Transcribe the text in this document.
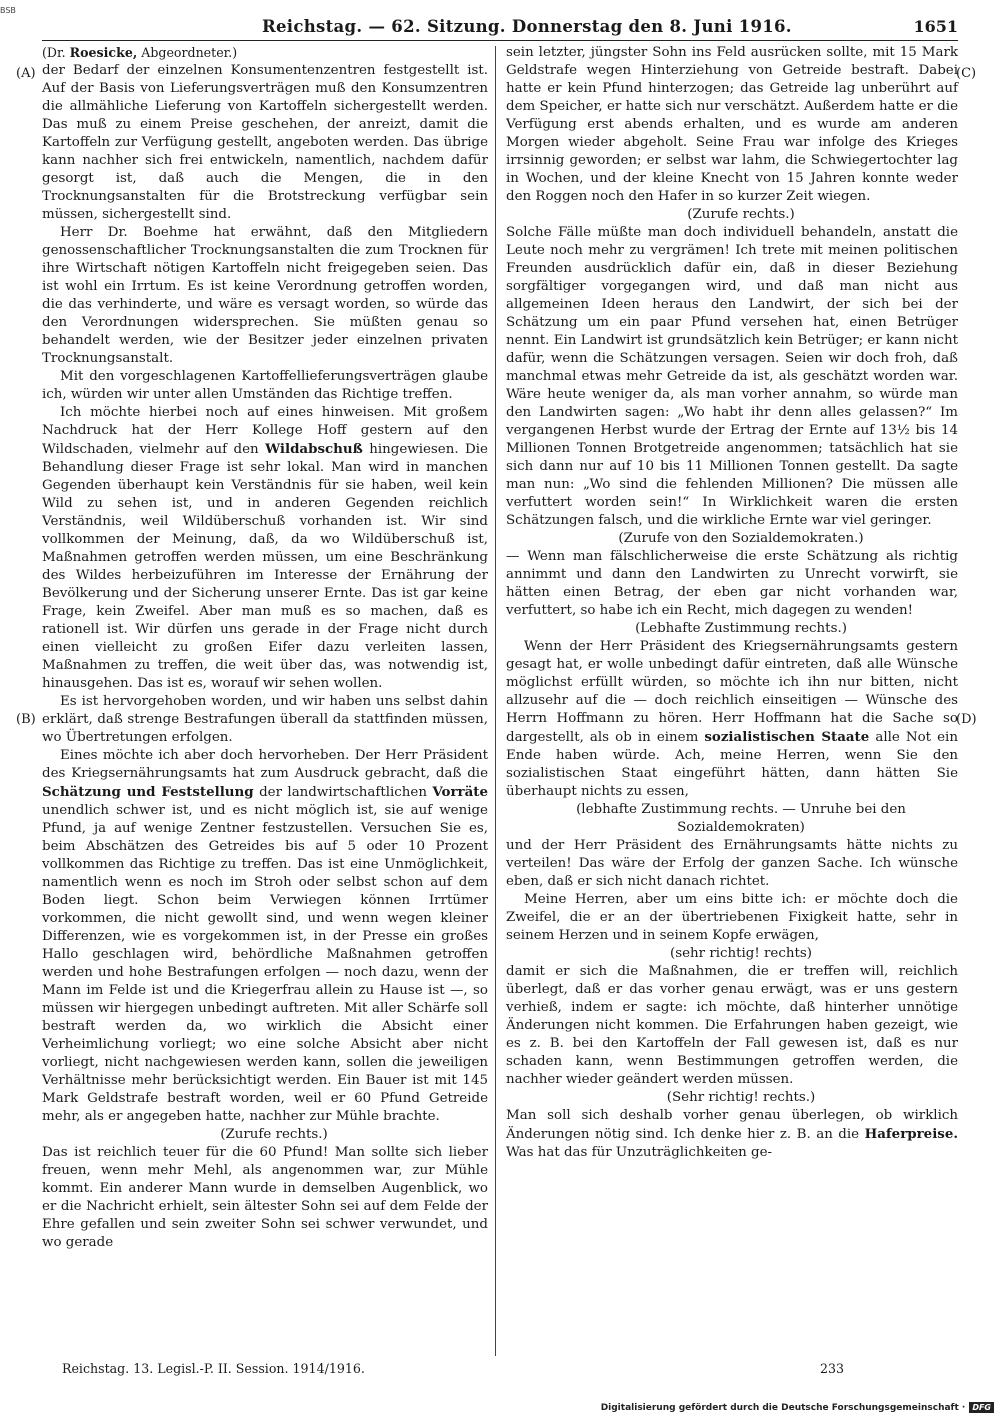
BSB
Reichstag. — 62. Sitzung. Donnerstag den 8. Juni 1916.	1651
(A)
(B)
(C)
(D)

(Dr. Roesicke, Abgeordneter.)

der Bedarf der einzelnen Konsumentenzentren festgestellt ist. Auf der Basis von Lieferungsverträgen muß den Konsumzentren die allmähliche Lieferung von Kartoffeln sichergestellt werden. Das muß zu einem Preise geschehen, der anreizt, damit die Kartoffeln zur Verfügung gestellt, angeboten werden. Das übrige kann nachher sich frei entwickeln, namentlich, nachdem dafür gesorgt ist, daß auch die Mengen, die in den Trocknungsanstalten für die Brotstreckung verfügbar sein müssen, sichergestellt sind.

Herr Dr. Boehme hat erwähnt, daß den Mitgliedern genossenschaftlicher Trocknungsanstalten die zum Trocknen für ihre Wirtschaft nötigen Kartoffeln nicht freigegeben seien. Das ist wohl ein Irrtum. Es ist keine Verordnung getroffen worden, die das verhinderte, und wäre es versagt worden, so würde das den Verordnungen widersprechen. Sie müßten genau so behandelt werden, wie der Besitzer jeder einzelnen privaten Trocknungsanstalt.

Mit den vorgeschlagenen Kartoffellieferungsverträgen glaube ich, würden wir unter allen Umständen das Richtige treffen.

Ich möchte hierbei noch auf eines hinweisen. Mit großem Nachdruck hat der Herr Kollege Hoff gestern auf den Wildschaden, vielmehr auf den Wildabschuß hingewiesen. Die Behandlung dieser Frage ist sehr lokal. Man wird in manchen Gegenden überhaupt kein Verständnis für sie haben, weil kein Wild zu sehen ist, und in anderen Gegenden reichlich Verständnis, weil Wildüberschuß vorhanden ist. Wir sind vollkommen der Meinung, daß, da wo Wildüberschuß ist, Maßnahmen getroffen werden müssen, um eine Beschränkung des Wildes herbeizuführen im Interesse der Ernährung der Bevölkerung und der Sicherung unserer Ernte. Das ist gar keine Frage, kein Zweifel. Aber man muß es so machen, daß es rationell ist. Wir dürfen uns gerade in der Frage nicht durch einen vielleicht zu großen Eifer dazu verleiten lassen, Maßnahmen zu treffen, die weit über das, was notwendig ist, hinausgehen. Das ist es, worauf wir sehen wollen.

Es ist hervorgehoben worden, und wir haben uns selbst dahin erklärt, daß strenge Bestrafungen überall da stattfinden müssen, wo Übertretungen erfolgen.

Eines möchte ich aber doch hervorheben. Der Herr Präsident des Kriegsernährungsamts hat zum Ausdruck gebracht, daß die Schätzung und Feststellung der landwirtschaftlichen Vorräte unendlich schwer ist, und es nicht möglich ist, sie auf wenige Pfund, ja auf wenige Zentner festzustellen. Versuchen Sie es, beim Abschätzen des Getreides bis auf 5 oder 10 Prozent vollkommen das Richtige zu treffen. Das ist eine Unmöglichkeit, namentlich wenn es noch im Stroh oder selbst schon auf dem Boden liegt. Schon beim Verwiegen können Irrtümer vorkommen, die nicht gewollt sind, und wenn wegen kleiner Differenzen, wie es vorgekommen ist, in der Presse ein großes Hallo geschlagen wird, behördliche Maßnahmen getroffen werden und hohe Bestrafungen erfolgen — noch dazu, wenn der Mann im Felde ist und die Kriegerfrau allein zu Hause ist —, so müssen wir hiergegen unbedingt auftreten. Mit aller Schärfe soll bestraft werden da, wo wirklich die Absicht einer Verheimlichung vorliegt; wo eine solche Absicht aber nicht vorliegt, nicht nachgewiesen werden kann, sollen die jeweiligen Verhältnisse mehr berücksichtigt werden. Ein Bauer ist mit 145 Mark Geldstrafe bestraft worden, weil er 60 Pfund Getreide mehr, als er angegeben hatte, nachher zur Mühle brachte.

(Zurufe rechts.)

Das ist reichlich teuer für die 60 Pfund! Man sollte sich lieber freuen, wenn mehr Mehl, als angenommen war, zur Mühle kommt. Ein anderer Mann wurde in demselben Augenblick, wo er die Nachricht erhielt, sein ältester Sohn sei auf dem Felde der Ehre gefallen und sein zweiter Sohn sei schwer verwundet, und wo gerade

sein letzter, jüngster Sohn ins Feld ausrücken sollte, mit 15 Mark Geldstrafe wegen Hinterziehung von Getreide bestraft. Dabei hatte er kein Pfund hinterzogen; das Getreide lag unberührt auf dem Speicher, er hatte sich nur verschätzt. Außerdem hatte er die Verfügung erst abends erhalten, und es wurde am anderen Morgen wieder abgeholt. Seine Frau war infolge des Krieges irrsinnig geworden; er selbst war lahm, die Schwiegertochter lag in Wochen, und der kleine Knecht von 15 Jahren konnte weder den Roggen noch den Hafer in so kurzer Zeit wiegen.

(Zurufe rechts.)

Solche Fälle müßte man doch individuell behandeln, anstatt die Leute noch mehr zu vergrämen! Ich trete mit meinen politischen Freunden ausdrücklich dafür ein, daß in dieser Beziehung sorgfältiger vorgegangen wird, und daß man nicht aus allgemeinen Ideen heraus den Landwirt, der sich bei der Schätzung um ein paar Pfund versehen hat, einen Betrüger nennt. Ein Landwirt ist grundsätzlich kein Betrüger; er kann nicht dafür, wenn die Schätzungen versagen. Seien wir doch froh, daß manchmal etwas mehr Getreide da ist, als geschätzt worden war. Wäre heute weniger da, als man vorher annahm, so würde man den Landwirten sagen: „Wo habt ihr denn alles gelassen?“ Im vergangenen Herbst wurde der Ertrag der Ernte auf 13½ bis 14 Millionen Tonnen Brotgetreide angenommen; tatsächlich hat sie sich dann nur auf 10 bis 11 Millionen Tonnen gestellt. Da sagte man nun: „Wo sind die fehlenden Millionen? Die müssen alle verfuttert worden sein!“ In Wirklichkeit waren die ersten Schätzungen falsch, und die wirkliche Ernte war viel geringer.

(Zurufe von den Sozialdemokraten.)

— Wenn man fälschlicherweise die erste Schätzung als richtig annimmt und dann den Landwirten zu Unrecht vorwirft, sie hätten einen Betrag, der eben gar nicht vorhanden war, verfuttert, so habe ich ein Recht, mich dagegen zu wenden!

(Lebhafte Zustimmung rechts.)

Wenn der Herr Präsident des Kriegsernährungsamts gestern gesagt hat, er wolle unbedingt dafür eintreten, daß alle Wünsche möglichst erfüllt würden, so möchte ich ihn nur bitten, nicht allzusehr auf die — doch reichlich einseitigen — Wünsche des Herrn Hoffmann zu hören. Herr Hoffmann hat die Sache so dargestellt, als ob in einem sozialistischen Staate alle Not ein Ende haben würde. Ach, meine Herren, wenn Sie den sozialistischen Staat eingeführt hätten, dann hätten Sie überhaupt nichts zu essen,

(lebhafte Zustimmung rechts. — Unruhe bei den

Sozialdemokraten)

und der Herr Präsident des Ernährungsamts hätte nichts zu verteilen! Das wäre der Erfolg der ganzen Sache. Ich wünsche eben, daß er sich nicht danach richtet.

Meine Herren, aber um eins bitte ich: er möchte doch die Zweifel, die er an der übertriebenen Fixigkeit hatte, sehr in seinem Herzen und in seinem Kopfe erwägen,

(sehr richtig! rechts)

damit er sich die Maßnahmen, die er treffen will, reichlich überlegt, daß er das vorher genau erwägt, was er uns gestern verhieß, indem er sagte: ich möchte, daß hinterher unnötige Änderungen nicht kommen. Die Erfahrungen haben gezeigt, wie es z. B. bei den Kartoffeln der Fall gewesen ist, daß es nur schaden kann, wenn Bestimmungen getroffen werden, die nachher wieder geändert werden müssen.

(Sehr richtig! rechts.)

Man soll sich deshalb vorher genau überlegen, ob wirklich Änderungen nötig sind. Ich denke hier z. B. an die Haferpreise. Was hat das für Unzuträglichkeiten ge-

Reichstag. 13. Legisl.-P. II. Session. 1914/1916.	233
Digitalisierung gefördert durch die Deutsche Forschungsgemeinschaft · DFG
